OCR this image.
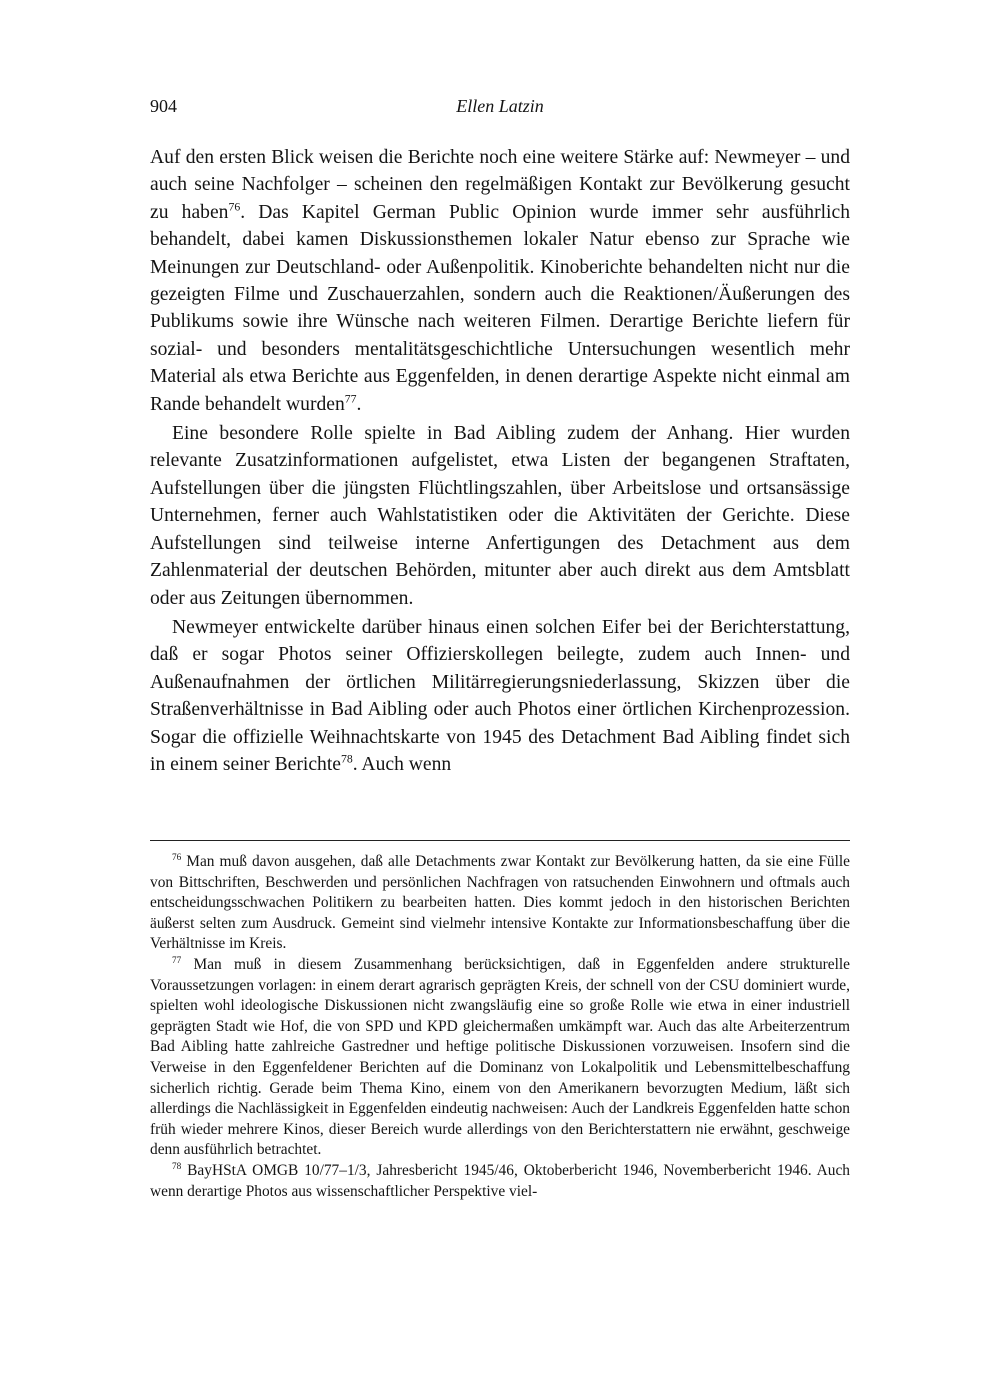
904	Ellen Latzin

Auf den ersten Blick weisen die Berichte noch eine weitere Stärke auf: Newmeyer – und auch seine Nachfolger – scheinen den regelmäßigen Kontakt zur Bevölkerung gesucht zu haben$^{76}$. Das Kapitel German Public Opinion wurde immer sehr ausführlich behandelt, dabei kamen Diskussionsthemen lokaler Natur ebenso zur Sprache wie Meinungen zur Deutschland- oder Außenpolitik. Kinoberichte behandelten nicht nur die gezeigten Filme und Zuschauerzahlen, sondern auch die Reaktionen/Äußerungen des Publikums sowie ihre Wünsche nach weiteren Filmen. Derartige Berichte liefern für sozial- und besonders mentalitätsgeschichtliche Untersuchungen wesentlich mehr Material als etwa Berichte aus Eggenfelden, in denen derartige Aspekte nicht einmal am Rande behandelt wurden$^{77}$.

Eine besondere Rolle spielte in Bad Aibling zudem der Anhang. Hier wurden relevante Zusatzinformationen aufgelistet, etwa Listen der begangenen Straftaten, Aufstellungen über die jüngsten Flüchtlingszahlen, über Arbeitslose und ortsansässige Unternehmen, ferner auch Wahlstatistiken oder die Aktivitäten der Gerichte. Diese Aufstellungen sind teilweise interne Anfertigungen des Detachment aus dem Zahlenmaterial der deutschen Behörden, mitunter aber auch direkt aus dem Amtsblatt oder aus Zeitungen übernommen.

Newmeyer entwickelte darüber hinaus einen solchen Eifer bei der Berichterstattung, daß er sogar Photos seiner Offizierskollegen beilegte, zudem auch Innen- und Außenaufnahmen der örtlichen Militärregierungsniederlassung, Skizzen über die Straßenverhältnisse in Bad Aibling oder auch Photos einer örtlichen Kirchenprozession. Sogar die offizielle Weihnachtskarte von 1945 des Detachment Bad Aibling findet sich in einem seiner Berichte$^{78}$. Auch wenn

$^{76}$ Man muß davon ausgehen, daß alle Detachments zwar Kontakt zur Bevölkerung hatten, da sie eine Fülle von Bittschriften, Beschwerden und persönlichen Nachfragen von ratsuchenden Einwohnern und oftmals auch entscheidungsschwachen Politikern zu bearbeiten hatten. Dies kommt jedoch in den historischen Berichten äußerst selten zum Ausdruck. Gemeint sind vielmehr intensive Kontakte zur Informationsbeschaffung über die Verhältnisse im Kreis.

$^{77}$ Man muß in diesem Zusammenhang berücksichtigen, daß in Eggenfelden andere strukturelle Voraussetzungen vorlagen: in einem derart agrarisch geprägten Kreis, der schnell von der CSU dominiert wurde, spielten wohl ideologische Diskussionen nicht zwangsläufig eine so große Rolle wie etwa in einer industriell geprägten Stadt wie Hof, die von SPD und KPD gleichermaßen umkämpft war. Auch das alte Arbeiterzentrum Bad Aibling hatte zahlreiche Gastredner und heftige politische Diskussionen vorzuweisen. Insofern sind die Verweise in den Eggenfeldener Berichten auf die Dominanz von Lokalpolitik und Lebensmittelbeschaffung sicherlich richtig. Gerade beim Thema Kino, einem von den Amerikanern bevorzugten Medium, läßt sich allerdings die Nachlässigkeit in Eggenfelden eindeutig nachweisen: Auch der Landkreis Eggenfelden hatte schon früh wieder mehrere Kinos, dieser Bereich wurde allerdings von den Berichterstattern nie erwähnt, geschweige denn ausführlich betrachtet.

$^{78}$ BayHStA OMGB 10/77–1/3, Jahresbericht 1945/46, Oktoberbericht 1946, Novemberbericht 1946. Auch wenn derartige Photos aus wissenschaftlicher Perspektive viel-
